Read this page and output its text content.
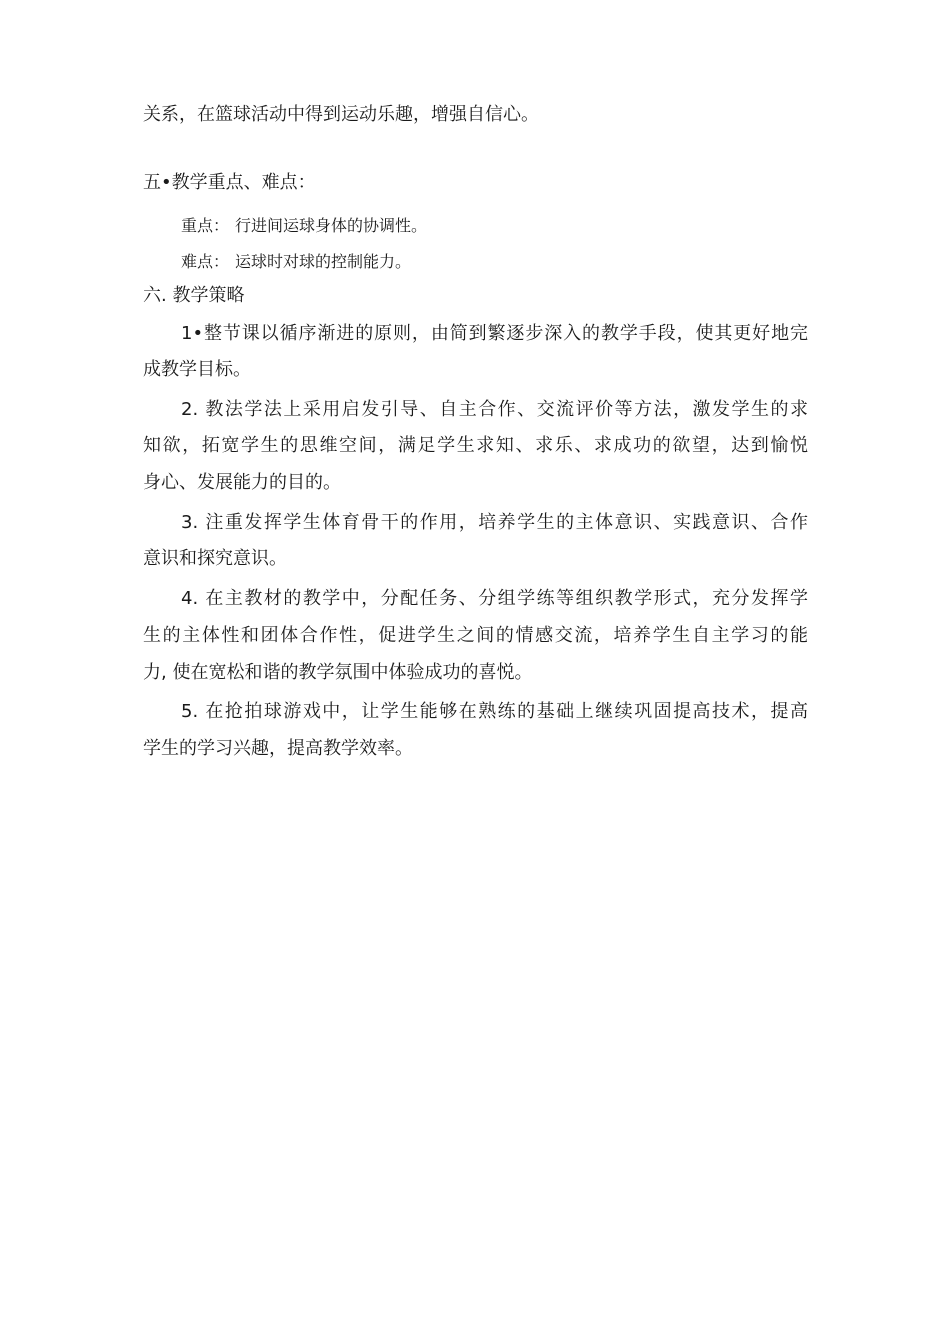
关系，在篮球活动中得到运动乐趣，增强自信心。
五•教学重点、难点：
重点： 行进间运球身体的协调性。
难点： 运球时对球的控制能力。
六. 教学策略
1•整节课以循序渐进的原则，由简到繁逐步深入的教学手段，使其更好地完
成教学目标。
2. 教法学法上采用启发引导、自主合作、交流评价等方法，激发学生的求
知欲，拓宽学生的思维空间，满足学生求知、求乐、求成功的欲望，达到愉悦
身心、发展能力的目的。
3. 注重发挥学生体育骨干的作用，培养学生的主体意识、实践意识、合作
意识和探究意识。
4. 在主教材的教学中，分配任务、分组学练等组织教学形式，充分发挥学
生的主体性和团体合作性，促进学生之间的情感交流，培养学生自主学习的能
力, 使在宽松和谐的教学氛围中体验成功的喜悦。
5. 在抢拍球游戏中，让学生能够在熟练的基础上继续巩固提高技术，提高
学生的学习兴趣，提高教学效率。
